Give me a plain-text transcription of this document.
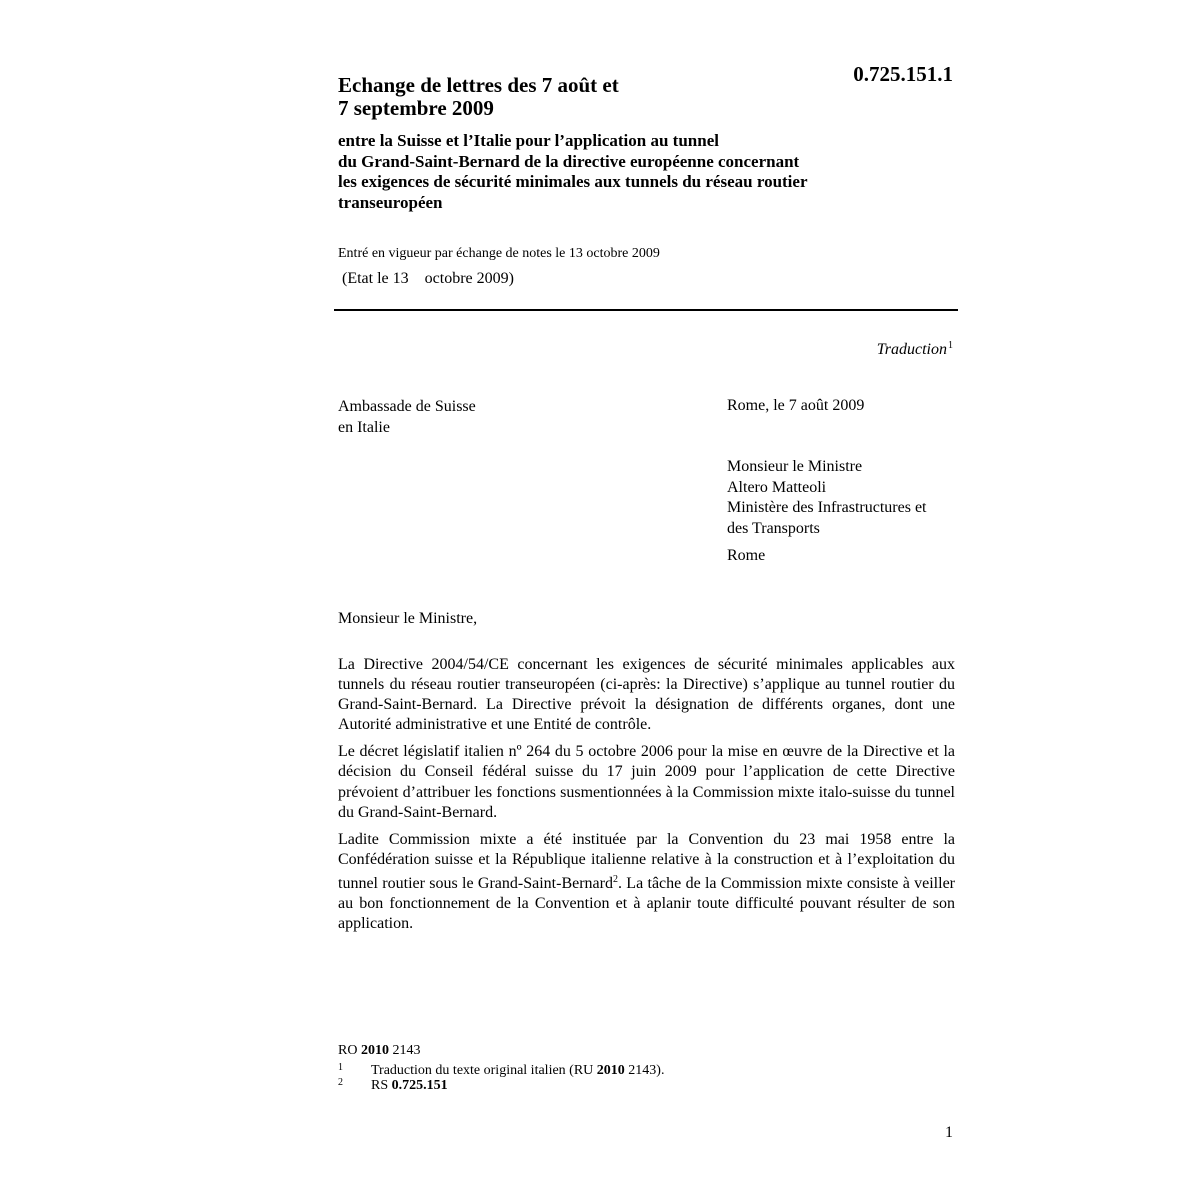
0.725.151.1
Echange de lettres des 7 août et
7 septembre 2009
entre la Suisse et l’Italie pour l’application au tunnel
du Grand-Saint-Bernard de la directive européenne concernant
les exigences de sécurité minimales aux tunnels du réseau routier
transeuropéen
Entré en vigueur par échange de notes le 13 octobre 2009
(Etat le 13    octobre 2009)
Traduction$^1$
Ambassade de Suisse
en Italie
Rome, le 7 août 2009
Monsieur le Ministre
Altero Matteoli
Ministère des Infrastructures et
des Transports
Rome
Monsieur le Ministre,

La Directive 2004/54/CE concernant les exigences de sécurité minimales applicables aux tunnels du réseau routier transeuropéen (ci-après: la Directive) s’applique au tunnel routier du Grand-Saint-Bernard. La Directive prévoit la désignation de différents organes, dont une Autorité administrative et une Entité de contrôle.

Le décret législatif italien nº 264 du 5 octobre 2006 pour la mise en œuvre de la Directive et la décision du Conseil fédéral suisse du 17 juin 2009 pour l’application de cette Directive prévoient d’attribuer les fonctions susmentionnées à la Commission mixte italo-suisse du tunnel du Grand-Saint-Bernard.

Ladite Commission mixte a été instituée par la Convention du 23 mai 1958 entre la Confédération suisse et la République italienne relative à la construction et à l’exploitation du tunnel routier sous le Grand-Saint-Bernard$^2$. La tâche de la Commission mixte consiste à veiller au bon fonctionnement de la Convention et à aplanir toute difficulté pouvant résulter de son application.

RO 2010 2143
1 Traduction du texte original italien (RU 2010 2143).
2 RS 0.725.151
1
